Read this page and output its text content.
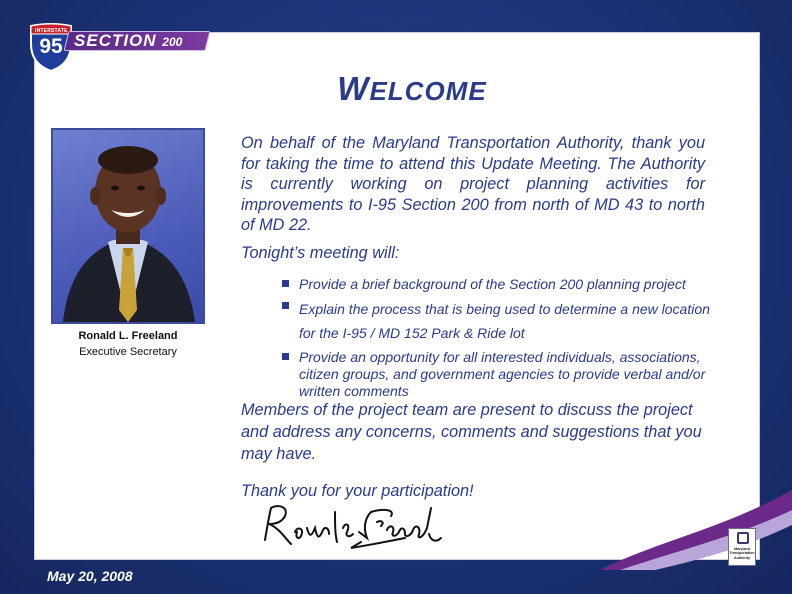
INTERSTATE
95 SECTION 200
WELCOME
Ronald L. Freeland
Executive Secretary
On behalf of the Maryland Transportation Authority, thank you for taking the time to attend this Update Meeting. The Authority is currently working on project planning activities for improvements to I-95 Section 200 from north of MD 43 to north of MD 22.
Tonight’s meeting will:
Provide a brief background of the Section 200 planning project
Explain the process that is being used to determine a new location for the I-95 / MD 152 Park & Ride lot
Provide an opportunity for all interested individuals, associations, citizen groups, and government agencies to provide verbal and/or written comments
Members of the project team are present to discuss the project and address any concerns, comments and suggestions that you may have.
Thank you for your participation!
Maryland
Transportation
Authority
May 20, 2008
